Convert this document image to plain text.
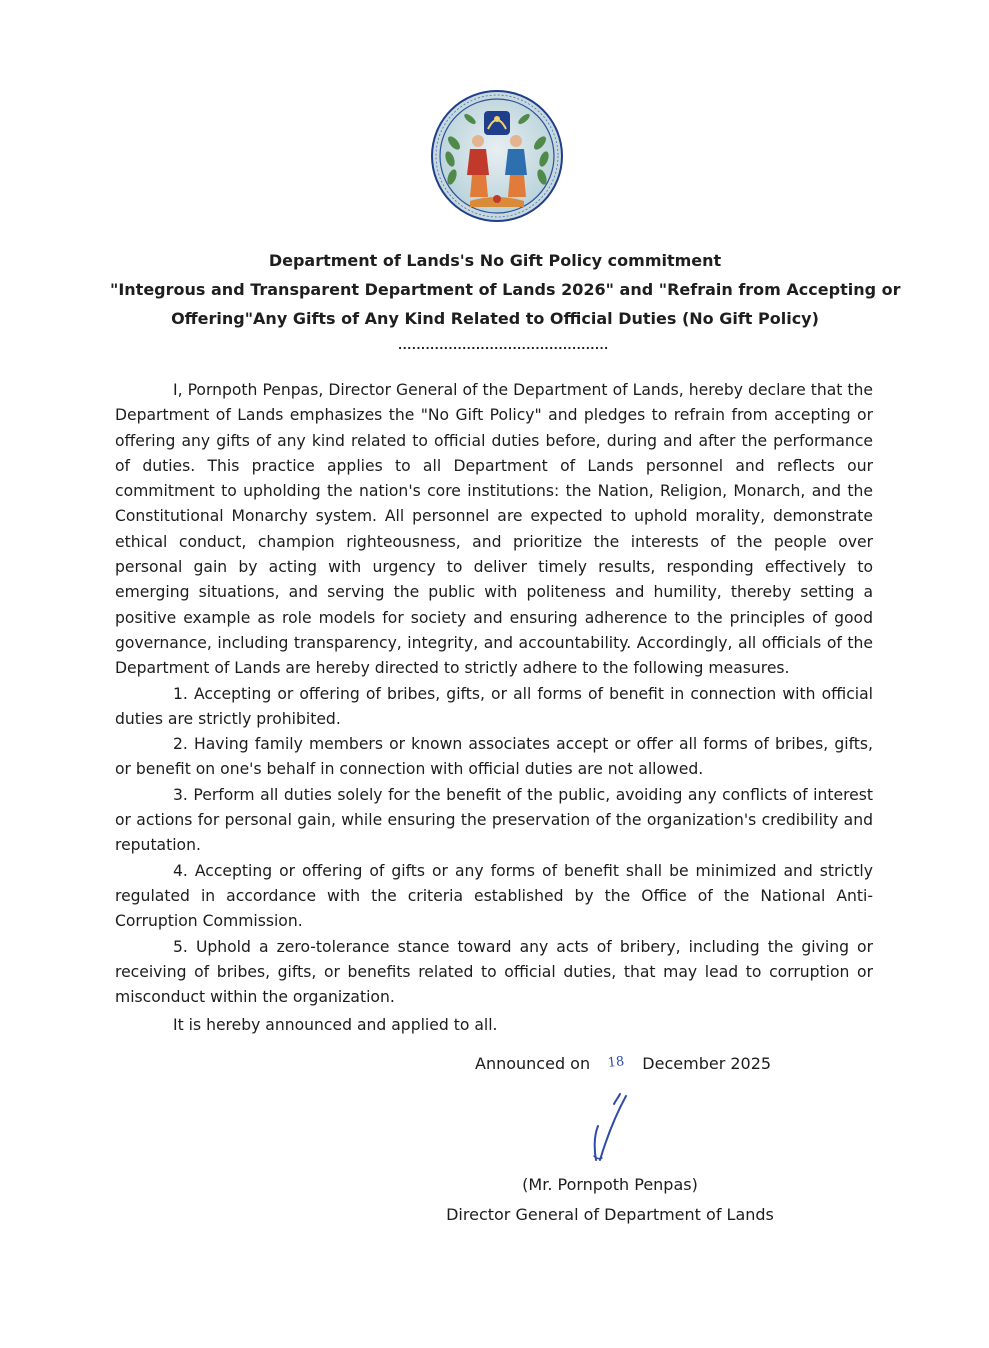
Department of Lands's No Gift Policy commitment
"Integrous and Transparent Department of Lands 2026" and "Refrain from Accepting or
Offering"Any Gifts of Any Kind Related to Official Duties (No Gift Policy)
..............................................

I, Pornpoth Penpas, Director General of the Department of Lands, hereby declare that the Department of Lands emphasizes the "No Gift Policy" and pledges to refrain from accepting or offering any gifts of any kind related to official duties before, during and after the performance of duties. This practice applies to all Department of Lands personnel and reflects our commitment to upholding the nation's core institutions: the Nation, Religion, Monarch, and the Constitutional Monarchy system. All personnel are expected to uphold morality, demonstrate ethical conduct, champion righteousness, and prioritize the interests of the people over personal gain by acting with urgency to deliver timely results, responding effectively to emerging situations, and serving the public with politeness and humility, thereby setting a positive example as role models for society and ensuring adherence to the principles of good governance, including transparency, integrity, and accountability. Accordingly, all officials of the Department of Lands are hereby directed to strictly adhere to the following measures.

1. Accepting or offering of bribes, gifts, or all forms of benefit in connection with official duties are strictly prohibited.

2. Having family members or known associates accept or offer all forms of bribes, gifts, or benefit on one's behalf in connection with official duties are not allowed.

3. Perform all duties solely for the benefit of the public, avoiding any conflicts of interest or actions for personal gain, while ensuring the preservation of the organization's credibility and reputation.

4. Accepting or offering of gifts or any forms of benefit shall be minimized and strictly regulated in accordance with the criteria established by the Office of the National Anti-Corruption Commission.

5. Uphold a zero-tolerance stance toward any acts of bribery, including the giving or receiving of bribes, gifts, or benefits related to official duties, that may lead to corruption or misconduct within the organization.

It is hereby announced and applied to all.

Announced on 18 December 2025
(Mr. Pornpoth Penpas)
Director General of Department of Lands
